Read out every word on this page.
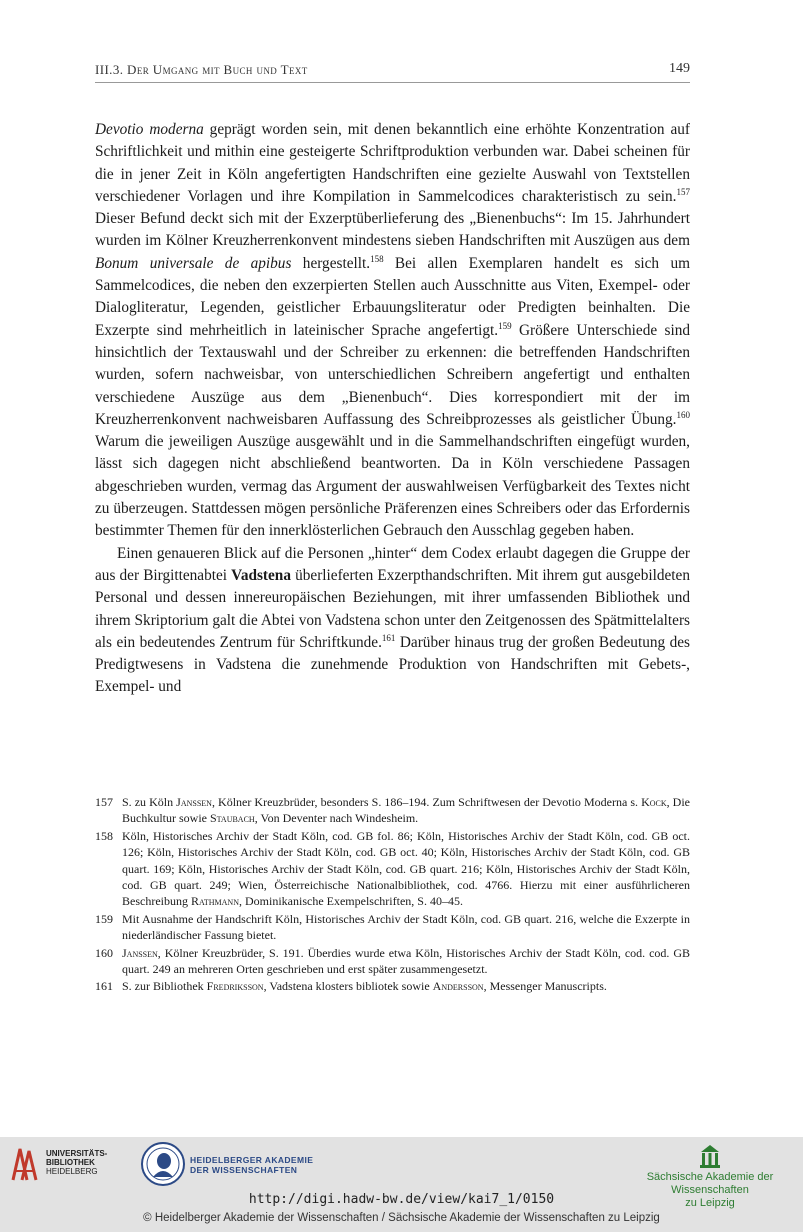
III.3. Der Umgang mit Buch und Text	149

Devotio moderna geprägt worden sein, mit denen bekanntlich eine erhöhte Konzentration auf Schriftlichkeit und mithin eine gesteigerte Schriftproduktion verbunden war. Dabei scheinen für die in jener Zeit in Köln angefertigten Handschriften eine gezielte Auswahl von Textstellen verschiedener Vorlagen und ihre Kompilation in Sammelcodices charakteristisch zu sein.$^{157}$ Dieser Befund deckt sich mit der Exzerptüberlieferung des „Bienenbuchs“: Im 15. Jahrhundert wurden im Kölner Kreuzherrenkonvent mindestens sieben Handschriften mit Auszügen aus dem Bonum universale de apibus hergestellt.$^{158}$ Bei allen Exemplaren handelt es sich um Sammelcodices, die neben den exzerpierten Stellen auch Ausschnitte aus Viten, Exempel- oder Dialogliteratur, Legenden, geistlicher Erbauungsliteratur oder Predigten beinhalten. Die Exzerpte sind mehrheitlich in lateinischer Sprache angefertigt.$^{159}$ Größere Unterschiede sind hinsichtlich der Textauswahl und der Schreiber zu erkennen: die betreffenden Handschriften wurden, sofern nachweisbar, von unterschiedlichen Schreibern angefertigt und enthalten verschiedene Auszüge aus dem „Bienenbuch“. Dies korrespondiert mit der im Kreuzherrenkonvent nachweisbaren Auffassung des Schreibprozesses als geistlicher Übung.$^{160}$ Warum die jeweiligen Auszüge ausgewählt und in die Sammelhandschriften eingefügt wurden, lässt sich dagegen nicht abschließend beantworten. Da in Köln verschiedene Passagen abgeschrieben wurden, vermag das Argument der auswahlweisen Verfügbarkeit des Textes nicht zu überzeugen. Stattdessen mögen persönliche Präferenzen eines Schreibers oder das Erfordernis bestimmter Themen für den innerklösterlichen Gebrauch den Ausschlag gegeben haben.

Einen genaueren Blick auf die Personen „hinter“ dem Codex erlaubt dagegen die Gruppe der aus der Birgittenabtei Vadstena überlieferten Exzerpthandschriften. Mit ihrem gut ausgebildeten Personal und dessen innereuropäischen Beziehungen, mit ihrer umfassenden Bibliothek und ihrem Skriptorium galt die Abtei von Vadstena schon unter den Zeitgenossen des Spätmittelalters als ein bedeutendes Zentrum für Schriftkunde.$^{161}$ Darüber hinaus trug der großen Bedeutung des Predigtwesens in Vadstena die zunehmende Produktion von Handschriften mit Gebets-, Exempel- und

157 S. zu Köln Janssen, Kölner Kreuzbrüder, besonders S. 186–194. Zum Schriftwesen der Devotio Moderna s. Kock, Die Buchkultur sowie Staubach, Von Deventer nach Windesheim.
158 Köln, Historisches Archiv der Stadt Köln, cod. GB fol. 86; Köln, Historisches Archiv der Stadt Köln, cod. GB oct. 126; Köln, Historisches Archiv der Stadt Köln, cod. GB oct. 40; Köln, Historisches Archiv der Stadt Köln, cod. GB quart. 169; Köln, Historisches Archiv der Stadt Köln, cod. GB quart. 216; Köln, Historisches Archiv der Stadt Köln, cod. GB quart. 249; Wien, Österreichische Nationalbibliothek, cod. 4766. Hierzu mit einer ausführlicheren Beschreibung Rathmann, Dominikanische Exempelschriften, S. 40–45.
159 Mit Ausnahme der Handschrift Köln, Historisches Archiv der Stadt Köln, cod. GB quart. 216, welche die Exzerpte in niederländischer Fassung bietet.
160 Janssen, Kölner Kreuzbrüder, S. 191. Überdies wurde etwa Köln, Historisches Archiv der Stadt Köln, cod. cod. GB quart. 249 an mehreren Orten geschrieben und erst später zusammengesetzt.
161 S. zur Bibliothek Fredriksson, Vadstena klosters bibliotek sowie Andersson, Messenger Manuscripts.
UNIVERSITÄTS-BIBLIOTHEK
HEIDELBERG
HEIDELBERGER AKADEMIE
DER WISSENSCHAFTEN
Sächsische Akademie der Wissenschaften
zu Leipzig
http://digi.hadw-bw.de/view/kai7_1/0150
© Heidelberger Akademie der Wissenschaften / Sächsische Akademie der Wissenschaften zu Leipzig
